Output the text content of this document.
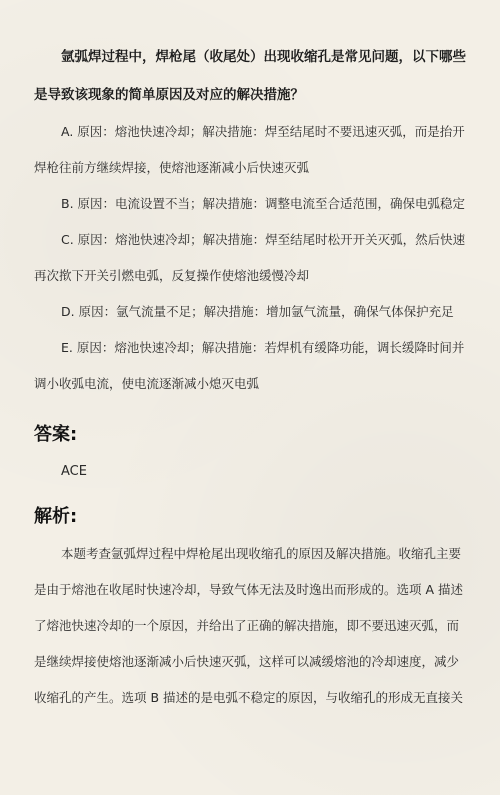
氩弧焊过程中，焊枪尾（收尾处）出现收缩孔是常见问题，以下哪些是导致该现象的简单原因及对应的解决措施？

A. 原因：熔池快速冷却；解决措施：焊至结尾时不要迅速灭弧，而是抬开焊枪往前方继续焊接，使熔池逐渐减小后快速灭弧

B. 原因：电流设置不当；解决措施：调整电流至合适范围，确保电弧稳定

C. 原因：熔池快速冷却；解决措施：焊至结尾时松开开关灭弧，然后快速再次揿下开关引燃电弧，反复操作使熔池缓慢冷却

D. 原因：氩气流量不足；解决措施：增加氩气流量，确保气体保护充足

E. 原因：熔池快速冷却；解决措施：若焊机有缓降功能，调长缓降时间并调小收弧电流，使电流逐渐减小熄灭电弧

答案:
ACE
解析:

本题考查氩弧焊过程中焊枪尾出现收缩孔的原因及解决措施。收缩孔主要是由于熔池在收尾时快速冷却，导致气体无法及时逸出而形成的。选项 A 描述了熔池快速冷却的一个原因，并给出了正确的解决措施，即不要迅速灭弧，而是继续焊接使熔池逐渐减小后快速灭弧，这样可以减缓熔池的冷却速度，减少收缩孔的产生。选项 B 描述的是电弧不稳定的原因，与收缩孔的形成无直接关
